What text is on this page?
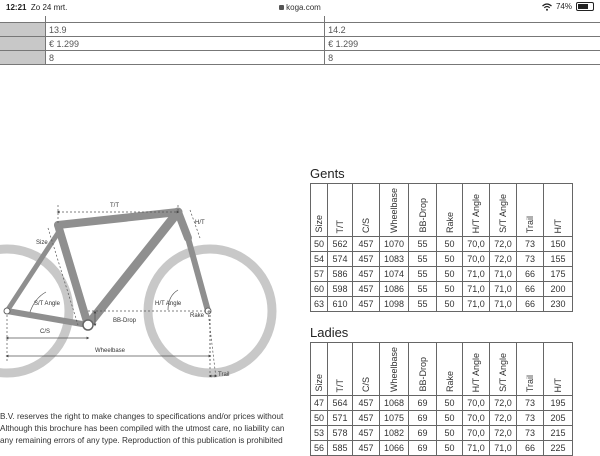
12:21 Zo 24 mrt.	koga.com	74%

	13.9	14.2
	€ 1.299	€ 1.299
	8	8
T/T
H/T
Size
S/T Angle	H/T Angle
BB-Drop
Rake
C/S
Wheelbase
Trail
Gents
Size	T/T	C/S	Wheelbase	BB-Drop	Rake	H/T Angle	S/T Angle	Trail	H/T

50	562	457	1070	55	50	70,0	72,0	73	150
54	574	457	1083	55	50	70,0	72,0	73	155
57	586	457	1074	55	50	71,0	71,0	66	175
60	598	457	1086	55	50	71,0	71,0	66	200
63	610	457	1098	55	50	71,0	71,0	66	230
Ladies
Size	T/T	C/S	Wheelbase	BB-Drop	Rake	H/T Angle	S/T Angle	Trail	H/T

47	564	457	1068	69	50	70,0	72,0	73	195
50	571	457	1075	69	50	70,0	72,0	73	205
53	578	457	1082	69	50	70,0	72,0	73	215
56	585	457	1066	69	50	71,0	71,0	66	225
B.V. reserves the right to make changes to specifications and/or prices without
Although this brochure has been compiled with the utmost care, no liability can
any remaining errors of any type. Reproduction of this publication is prohibited
